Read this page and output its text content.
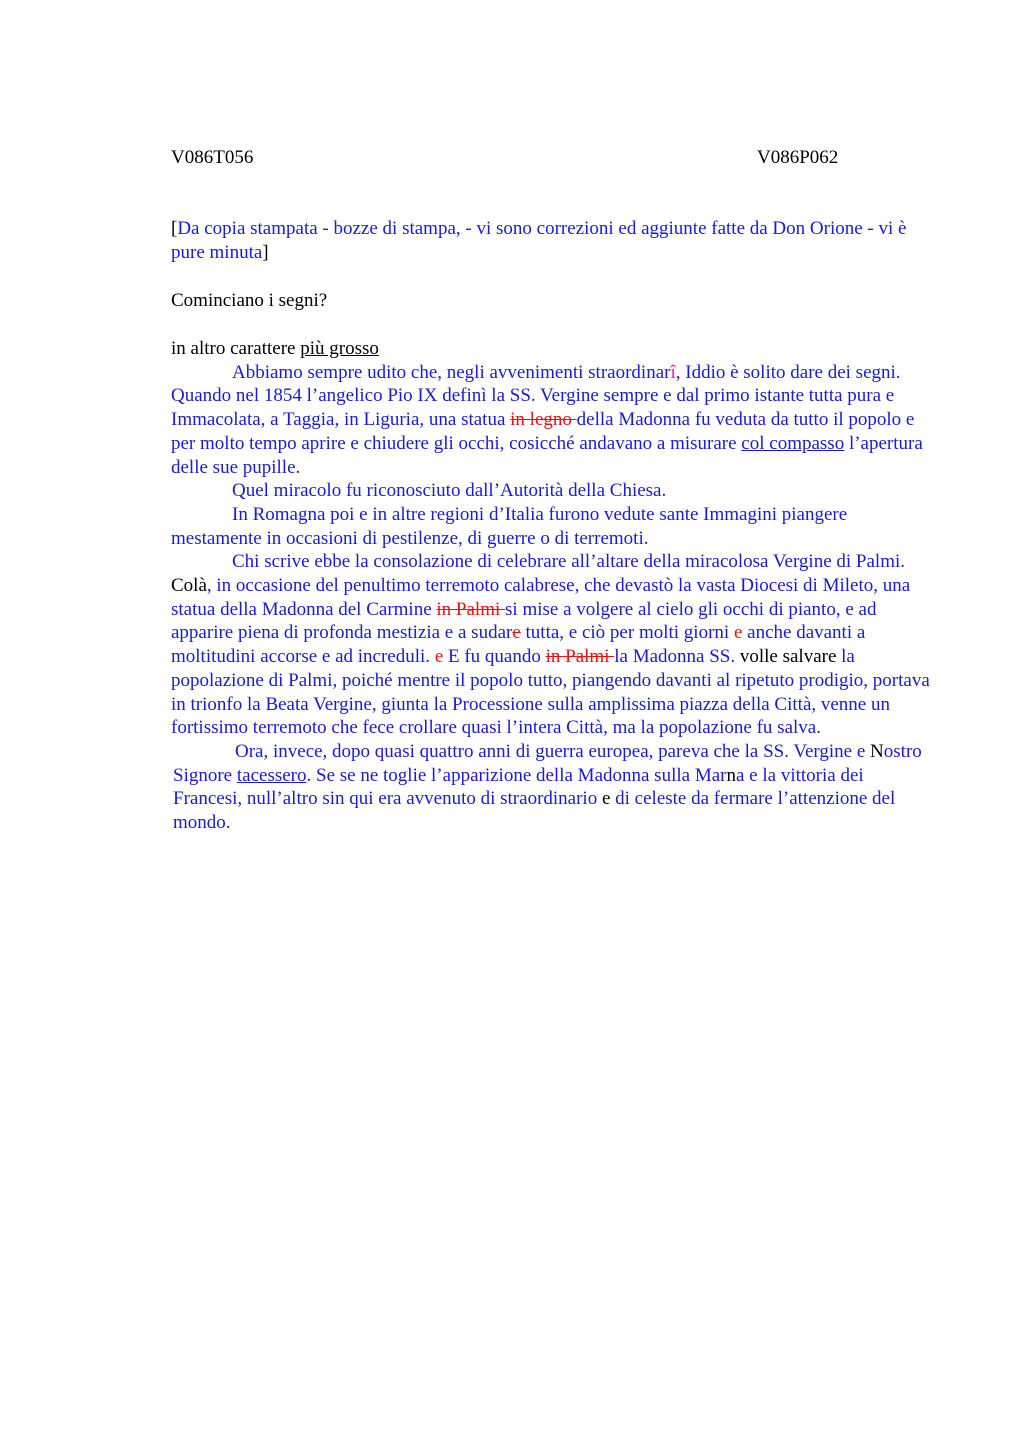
V086T056	V086P062
[Da copia stampata - bozze di stampa, - vi sono correzioni ed aggiunte fatte da Don Orione - vi è pure minuta]
Cominciano i segni?

in altro carattere più grosso

Abbiamo sempre udito che, negli avvenimenti straordinarî, Iddio è solito dare dei segni. Quando nel 1854 l’angelico Pio IX definì la SS. Vergine sempre e dal primo istante tutta pura e Immacolata, a Taggia, in Liguria, una statua in legno della Madonna fu veduta da tutto il popolo e per molto tempo aprire e chiudere gli occhi, cosicché andavano a misurare col compasso l’apertura delle sue pupille.

Quel miracolo fu riconosciuto dall’Autorità della Chiesa.

In Romagna poi e in altre regioni d’Italia furono vedute sante Immagini piangere mestamente in occasioni di pestilenze, di guerre o di terremoti.

Chi scrive ebbe la consolazione di celebrare all’altare della miracolosa Vergine di Palmi. Colà, in occasione del penultimo terremoto calabrese, che devastò la vasta Diocesi di Mileto, una statua della Madonna del Carmine in Palmi si mise a volgere al cielo gli occhi di pianto, e ad apparire piena di profonda mestizia e a sudare tutta, e ciò per molti giorni e anche davanti a moltitudini accorse e ad increduli. e E fu quando in Palmi la Madonna SS. volle salvare la popolazione di Palmi, poiché mentre il popolo tutto, piangendo davanti al ripetuto prodigio, portava in trionfo la Beata Vergine, giunta la Processione sulla amplissima piazza della Città, venne un fortissimo terremoto che fece crollare quasi l’intera Città, ma la popolazione fu salva.

Ora, invece, dopo quasi quattro anni di guerra europea, pareva che la SS. Vergine e Nostro Signore tacessero. Se se ne toglie l’apparizione della Madonna sulla Marna e la vittoria dei Francesi, null’altro sin qui era avvenuto di straordinario e di celeste da fermare l’attenzione del mondo.
